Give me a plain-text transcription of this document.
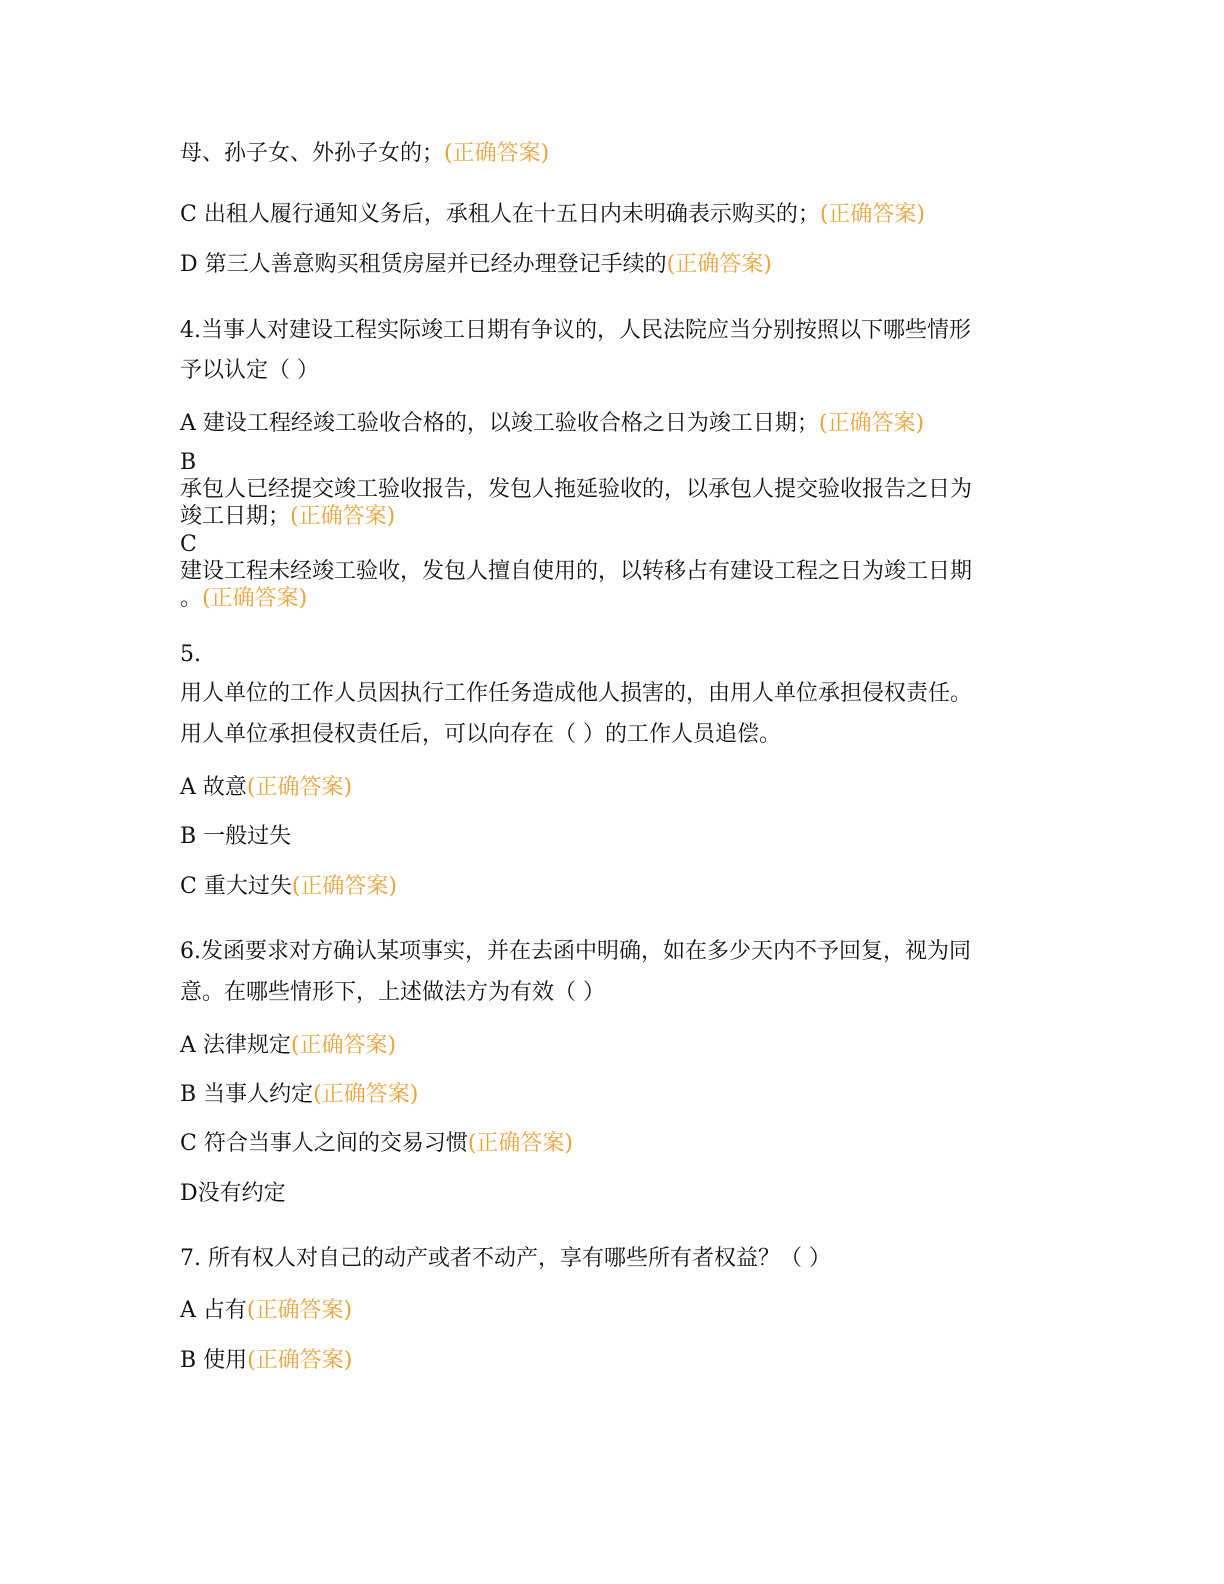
母、孙子女、外孙子女的；(正确答案)
C 出租人履行通知义务后，承租人在十五日内未明确表示购买的；(正确答案)
D 第三人善意购买租赁房屋并已经办理登记手续的(正确答案)
4.当事人对建设工程实际竣工日期有争议的，人民法院应当分别按照以下哪些情形
予以认定（ ）
A 建设工程经竣工验收合格的，以竣工验收合格之日为竣工日期；(正确答案)
B
承包人已经提交竣工验收报告，发包人拖延验收的，以承包人提交验收报告之日为
竣工日期；(正确答案)
C
建设工程未经竣工验收，发包人擅自使用的，以转移占有建设工程之日为竣工日期
。(正确答案)
5.
用人单位的工作人员因执行工作任务造成他人损害的，由用人单位承担侵权责任。
用人单位承担侵权责任后，可以向存在（ ）的工作人员追偿。
A 故意(正确答案)
B 一般过失
C 重大过失(正确答案)
6.发函要求对方确认某项事实，并在去函中明确，如在多少天内不予回复，视为同
意。在哪些情形下，上述做法方为有效（ ）
A 法律规定(正确答案)
B 当事人约定(正确答案)
C 符合当事人之间的交易习惯(正确答案)
D没有约定
7. 所有权人对自己的动产或者不动产，享有哪些所有者权益？（ ）
A 占有(正确答案)
B 使用(正确答案)
